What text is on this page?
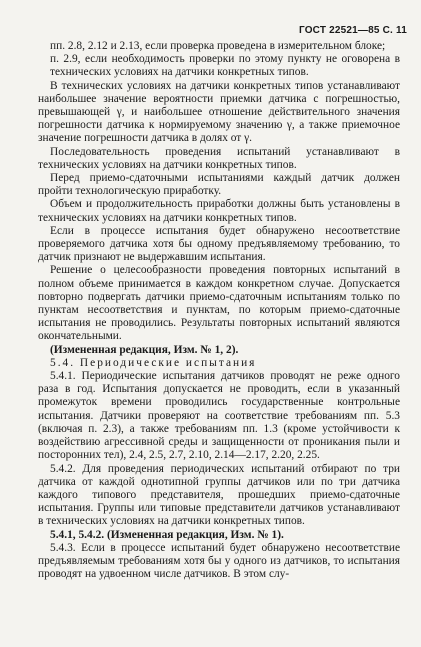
ГОСТ 22521—85 С. 11

пп. 2.8, 2.12 и 2.13, если проверка проведена в измерительном блоке;

п. 2.9, если необходимость проверки по этому пункту не оговорена в технических условиях на датчики конкретных типов.

В технических условиях на датчики конкретных типов устанавливают наибольшее значение вероятности приемки датчика с погрешностью, превышающей γ, и наибольшее отношение действительного значения погрешности датчика к нормируемому значению γ, а также приемочное значение погрешности датчика в долях от γ.

Последовательность проведения испытаний устанавливают в технических условиях на датчики конкретных типов.

Перед приемо-сдаточными испытаниями каждый датчик должен пройти технологическую приработку.

Объем и продолжительность приработки должны быть установлены в технических условиях на датчики конкретных типов.

Если в процессе испытания будет обнаружено несоответствие проверяемого датчика хотя бы одному предъявляемому требованию, то датчик признают не выдержавшим испытания.

Решение о целесообразности проведения повторных испытаний в полном объеме принимается в каждом конкретном случае. Допускается повторно подвергать датчики приемо-сдаточным испытаниям только по пунктам несоответствия и пунктам, по которым приемо-сдаточные испытания не проводились. Результаты повторных испытаний являются окончательными.

(Измененная редакция, Изм. № 1, 2).

5.4. Периодические испытания

5.4.1. Периодические испытания датчиков проводят не реже одного раза в год. Испытания допускается не проводить, если в указанный промежуток времени проводились государственные контрольные испытания. Датчики проверяют на соответствие требованиям пп. 5.3 (включая п. 2.3), а также требованиям пп. 1.3 (кроме устойчивости к воздействию агрессивной среды и защищенности от проникания пыли и посторонних тел), 2.4, 2.5, 2.7, 2.10, 2.14—2.17, 2.20, 2.25.

5.4.2. Для проведения периодических испытаний отбирают по три датчика от каждой однотипной группы датчиков или по три датчика каждого типового представителя, прошедших приемо-сдаточные испытания. Группы или типовые представители датчиков устанавливают в технических условиях на датчики конкретных типов.

5.4.1, 5.4.2. (Измененная редакция, Изм. № 1).

5.4.3. Если в процессе испытаний будет обнаружено несоответствие предъявляемым требованиям хотя бы у одного из датчиков, то испытания проводят на удвоенном числе датчиков. В этом слу-
